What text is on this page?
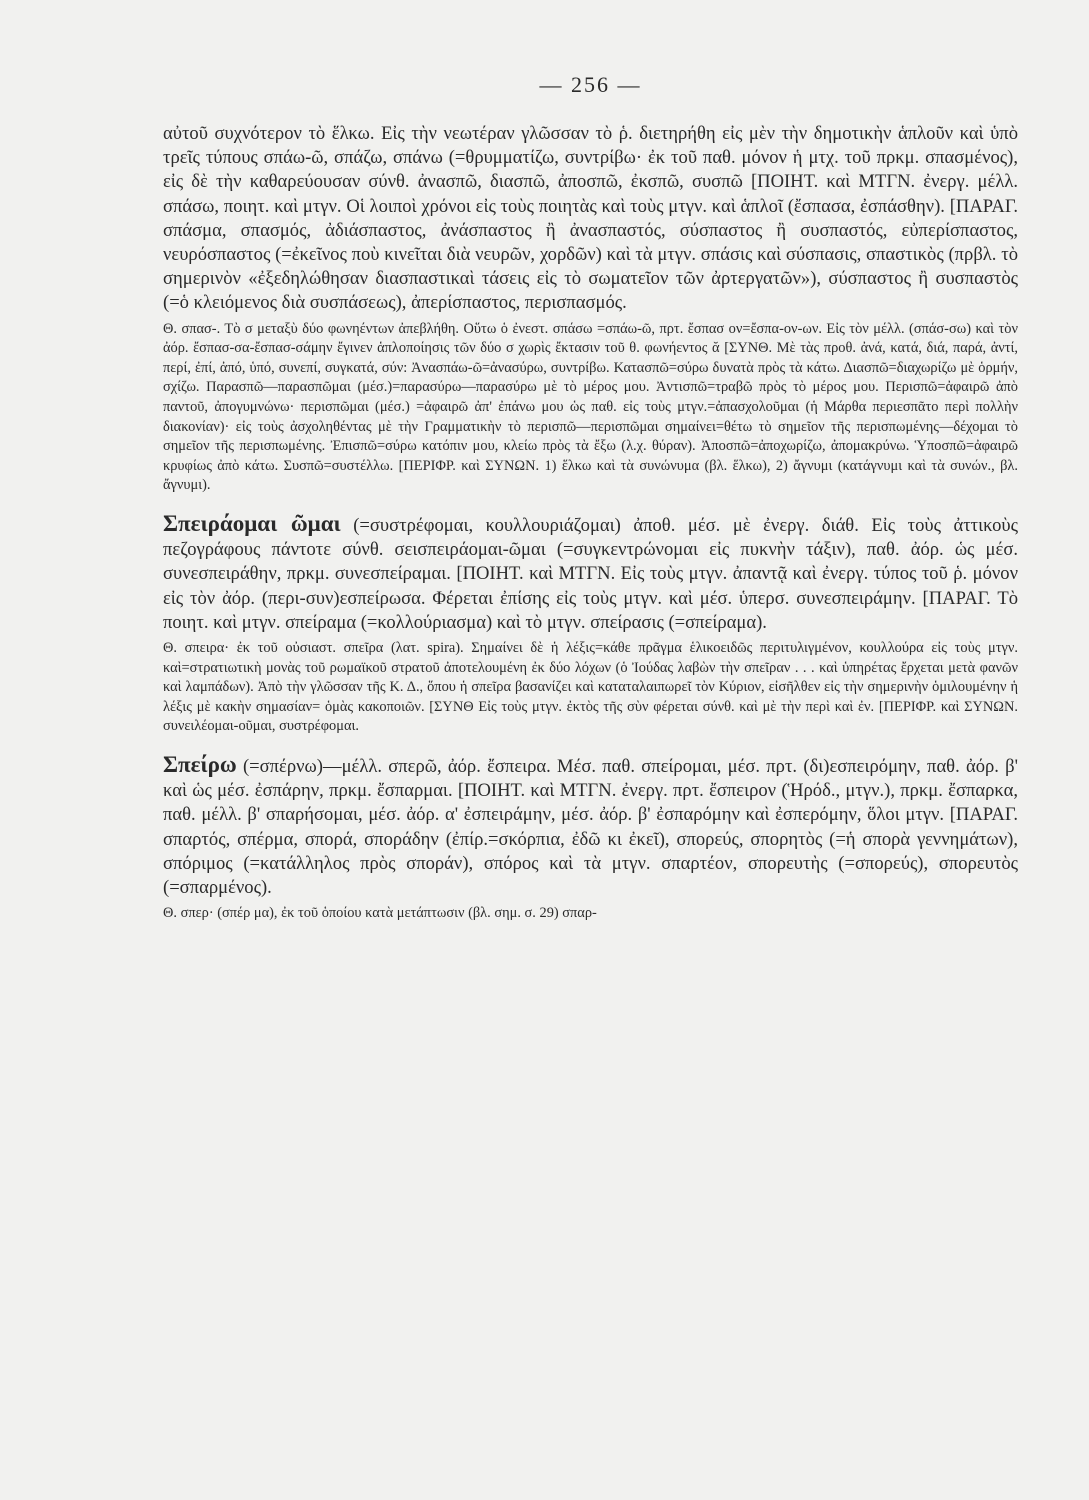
— 256 —

αὐτοῦ συχνότερον τὸ ἕλκω. Εἰς τὴν νεωτέραν γλῶσσαν τὸ ῥ. διετηρήθη εἰς μὲν τὴν δημοτικὴν ἁπλοῦν καὶ ὑπὸ τρεῖς τύπους σπάω-ῶ, σπάζω, σπάνω (=θρυμματίζω, συντρίβω· ἐκ τοῦ παθ. μόνον ἡ μτχ. τοῦ πρκμ. σπασμένος), εἰς δὲ τὴν καθαρεύουσαν σύνθ. ἀνασπῶ, διασπῶ, ἀποσπῶ, ἐκσπῶ, συσπῶ [ΠΟΙΗΤ. καὶ ΜΤΓΝ. ἐνεργ. μέλλ. σπάσω, ποιητ. καὶ μτγν. Οἱ λοιποὶ χρόνοι εἰς τοὺς ποιητὰς καὶ τοὺς μτγν. καὶ ἁπλοῖ (ἔσπασα, ἐσπάσθην). [ΠΑΡΑΓ. σπάσμα, σπασμός, ἀδιάσπαστος, ἀνάσπαστος ἢ ἀνασπαστός, σύσπαστος ἢ συσπαστός, εὐπερίσπαστος, νευρόσπαστος (=ἐκεῖνος ποὺ κινεῖται διὰ νευρῶν, χορδῶν) καὶ τὰ μτγν. σπάσις καὶ σύσπασις, σπαστικὸς (πρβλ. τὸ σημερινὸν «ἐξεδηλώθησαν διασπαστικαὶ τάσεις εἰς τὸ σωματεῖον τῶν ἀρτεργατῶν»), σύσπαστος ἢ συσπαστὸς (=ὁ κλειόμενος διὰ συσπάσεως), ἀπερίσπαστος, περισπασμός.

Θ. σπασ-. Τὸ σ μεταξὺ δύο φωνηέντων ἀπεβλήθη. Οὕτω ὁ ἐνεστ. σπάσω =σπάω-ῶ, πρτ. ἔσπασ ον=ἔσπα-ον-ων. Εἰς τὸν μέλλ. (σπάσ-σω) καὶ τὸν ἀόρ. ἔσπασ-σα-ἔσπασ-σάμην ἔγινεν ἁπλοποίησις τῶν δύο σ χωρὶς ἔκτασιν τοῦ θ. φωνήεντος ᾰ [ΣΥΝΘ. Μὲ τὰς προθ. ἀνά, κατά, διά, παρά, ἀντί, περί, ἐπί, ἀπό, ὑπό, συνεπί, συγκατά, σύν: Ἀνασπάω-ῶ=ἀνασύρω, συντρίβω. Κατασπῶ=σύρω δυνατὰ πρὸς τὰ κάτω. Διασπῶ=διαχωρίζω μὲ ὁρμήν, σχίζω. Παρασπῶ—παρασπῶμαι (μέσ.)=παρασύρω—παρασύρω μὲ τὸ μέρος μου. Ἀντισπῶ=τραβῶ πρὸς τὸ μέρος μου. Περισπῶ=ἀφαιρῶ ἀπὸ παντοῦ, ἀπογυμνώνω· περισπῶμαι (μέσ.) =ἀφαιρῶ ἀπ' ἐπάνω μου ὡς παθ. εἰς τοὺς μτγν.=ἀπασχολοῦμαι (ἡ Μάρθα περιεσπᾶτο περὶ πολλὴν διακονίαν)· εἰς τοὺς ἀσχοληθέντας μὲ τὴν Γραμματικὴν τὸ περισπῶ—περισπῶμαι σημαίνει=θέτω τὸ σημεῖον τῆς περισπωμένης—δέχομαι τὸ σημεῖον τῆς περισπωμένης. Ἐπισπῶ=σύρω κατόπιν μου, κλείω πρὸς τὰ ἔξω (λ.χ. θύραν). Ἀποσπῶ=ἀποχωρίζω, ἀπομακρύνω. Ὑποσπῶ=ἀφαιρῶ κρυφίως ἀπὸ κάτω. Συσπῶ=συστέλλω. [ΠΕΡΙΦΡ. καὶ ΣΥΝΩΝ. 1) ἕλκω καὶ τὰ συνώνυμα (βλ. ἕλκω), 2) ἄγνυμι (κατάγνυμι καὶ τὰ συνών., βλ. ἄγνυμι).

Σπειράομαι ῶμαι (=συστρέφομαι, κουλλουριάζομαι) ἀποθ. μέσ. μὲ ἐνεργ. διάθ. Εἰς τοὺς ἀττικοὺς πεζογράφους πάντοτε σύνθ. σεισπειράομαι-ῶμαι (=συγκεντρώνομαι εἰς πυκνὴν τάξιν), παθ. ἀόρ. ὡς μέσ. συνεσπειράθην, πρκμ. συνεσπείραμαι. [ΠΟΙΗΤ. καὶ ΜΤΓΝ. Εἰς τοὺς μτγν. ἀπαντᾷ καὶ ἐνεργ. τύπος τοῦ ῥ. μόνον εἰς τὸν ἀόρ. (περι-συν)εσπείρωσα. Φέρεται ἐπίσης εἰς τοὺς μτγν. καὶ μέσ. ὑπερσ. συνεσπειράμην. [ΠΑΡΑΓ. Τὸ ποιητ. καὶ μτγν. σπείραμα (=κολλούριασμα) καὶ τὸ μτγν. σπείρασις (=σπείραμα).

Θ. σπειρα· ἐκ τοῦ οὐσιαστ. σπεῖρα (λατ. spira). Σημαίνει δὲ ἡ λέξις=κάθε πρᾶγμα ἑλικοειδῶς περιτυλιγμένον, κουλλούρα εἰς τοὺς μτγν. καὶ=στρατιωτικὴ μονὰς τοῦ ρωμαϊκοῦ στρατοῦ ἀποτελουμένη ἐκ δύο λόχων (ὁ Ἰούδας λαβὼν τὴν σπεῖραν . . . καὶ ὑπηρέτας ἔρχεται μετὰ φανῶν καὶ λαμπάδων). Ἀπὸ τὴν γλῶσσαν τῆς Κ. Δ., ὅπου ἡ σπεῖρα βασανίζει καὶ καταταλαιπωρεῖ τὸν Κύριον, εἰσῆλθεν εἰς τὴν σημερινὴν ὁμιλουμένην ἡ λέξις μὲ κακὴν σημασίαν= ὁμὰς κακοποιῶν. [ΣΥΝΘ Εἰς τοὺς μτγν. ἐκτὸς τῆς σὺν φέρεται σύνθ. καὶ μὲ τὴν περὶ καὶ ἐν. [ΠΕΡΙΦΡ. καὶ ΣΥΝΩΝ. συνειλέομαι-οῦμαι, συστρέφομαι.

Σπείρω (=σπέρνω)—μέλλ. σπερῶ, ἀόρ. ἔσπειρα. Μέσ. παθ. σπείρομαι, μέσ. πρτ. (δι)εσπειρόμην, παθ. ἀόρ. β' καὶ ὡς μέσ. ἐσπάρην, πρκμ. ἔσπαρμαι. [ΠΟΙΗΤ. καὶ ΜΤΓΝ. ἐνεργ. πρτ. ἔσπειρον (Ἡρόδ., μτγν.), πρκμ. ἔσπαρκα, παθ. μέλλ. β' σπαρήσομαι, μέσ. ἀόρ. α' ἐσπειράμην, μέσ. ἀόρ. β' ἐσπαρόμην καὶ ἐσπερόμην, ὅλοι μτγν. [ΠΑΡΑΓ. σπαρτός, σπέρμα, σπορά, σποράδην (ἐπίρ.=σκόρπια, ἐδῶ κι ἐκεῖ), σπορεύς, σπορητὸς (=ἡ σπορὰ γεννημάτων), σπόριμος (=κατάλληλος πρὸς σποράν), σπόρος καὶ τὰ μτγν. σπαρτέον, σπορευτὴς (=σπορεύς), σπορευτὸς (=σπαρμένος).

Θ. σπερ· (σπέρ μα), ἐκ τοῦ ὁποίου κατὰ μετάπτωσιν (βλ. σημ. σ. 29) σπαρ-
